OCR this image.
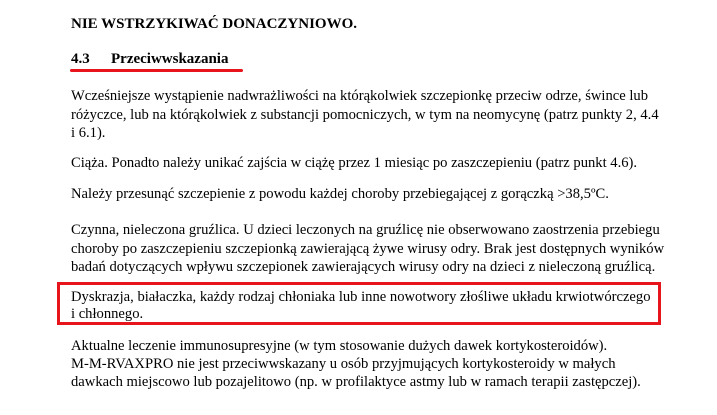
NIE WSTRZYKIWAĆ DONACZYNIOWO.
4.3 Przeciwwskazania
Wcześniejsze wystąpienie nadwrażliwości na którąkolwiek szczepionkę przeciw odrze, śwince lub
różyczce, lub na którąkolwiek z substancji pomocniczych, w tym na neomycynę (patrz punkty 2, 4.4
i 6.1).
Ciąża. Ponadto należy unikać zajścia w ciążę przez 1 miesiąc po zaszczepieniu (patrz punkt 4.6).
Należy przesunąć szczepienie z powodu każdej choroby przebiegającej z gorączką >38,5ºC.
Czynna, nieleczona gruźlica. U dzieci leczonych na gruźlicę nie obserwowano zaostrzenia przebiegu
choroby po zaszczepieniu szczepionką zawierającą żywe wirusy odry. Brak jest dostępnych wyników
badań dotyczących wpływu szczepionek zawierających wirusy odry na dzieci z nieleczoną gruźlicą.
Dyskrazja, białaczka, każdy rodzaj chłoniaka lub inne nowotwory złośliwe układu krwiotwórczego
i chłonnego.
Aktualne leczenie immunosupresyjne (w tym stosowanie dużych dawek kortykosteroidów).
M-M-RVAXPRO nie jest przeciwwskazany u osób przyjmujących kortykosteroidy w małych
dawkach miejscowo lub pozajelitowo (np. w profilaktyce astmy lub w ramach terapii zastępczej).
